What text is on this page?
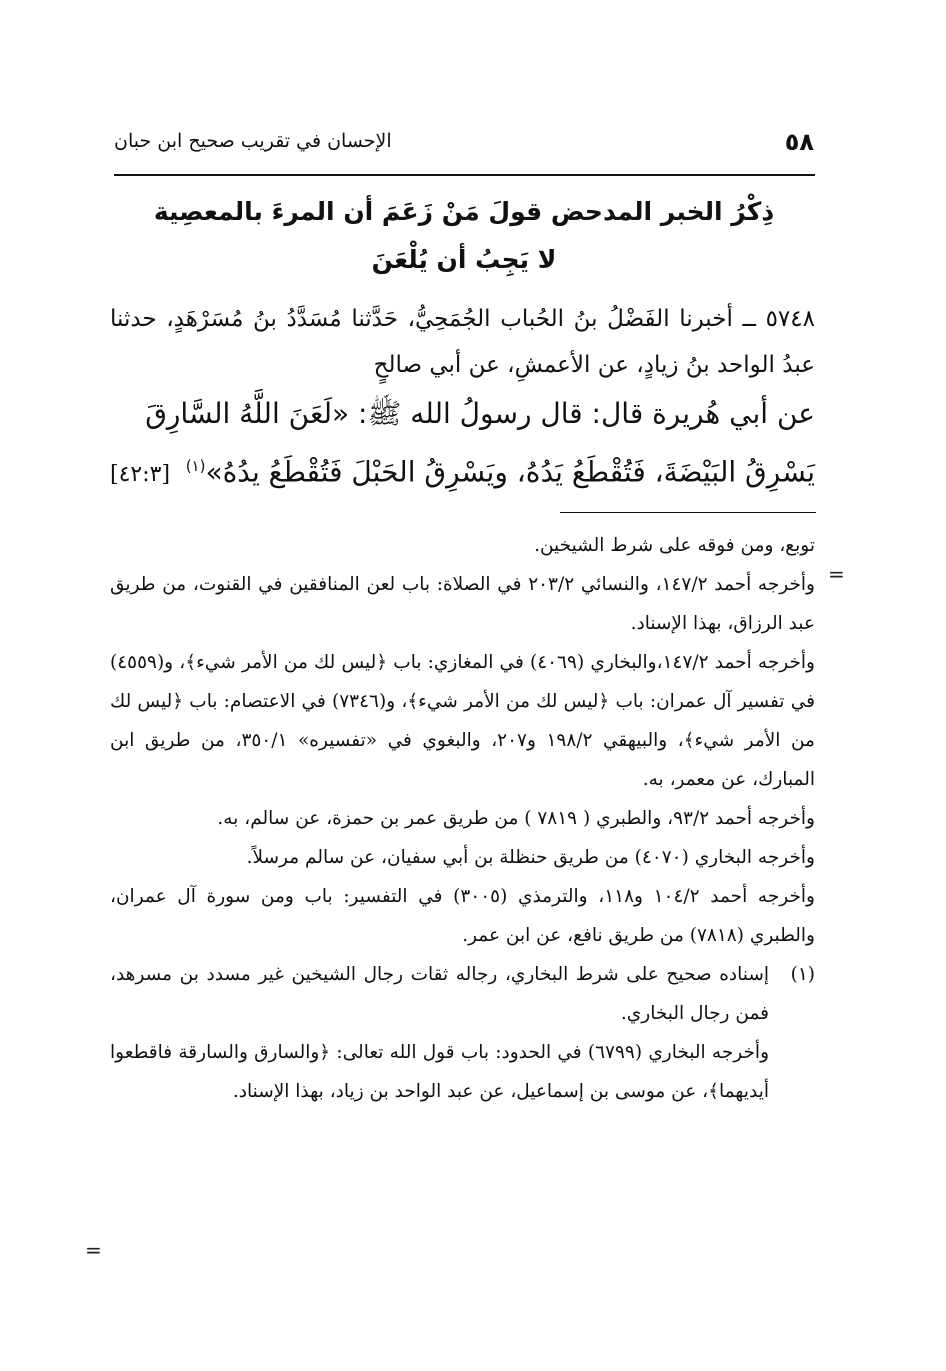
٥٨
الإحسان في تقريب صحيح ابن حبان
ذِكْرُ الخبر المدحض قولَ مَنْ زَعَمَ أن المرءَ بالمعصِية
لا يَجِبُ أن يُلْعَنَ
٥٧٤٨ ــ أخبرنا الفَضْلُ بنُ الحُباب الجُمَحِيُّ، حَدَّثنا مُسَدَّدُ بنُ مُسَرْهَدٍ، حدثنا عبدُ الواحد بنُ زيادٍ، عن الأعمشِ، عن أبي صالحٍ
عن أبي هُريرة قال: قال رسولُ الله ﷺ: «لَعَنَ اللَّهُ السَّارِقَ
يَسْرِقُ البَيْضَةَ، فَتُقْطَعُ يَدُهُ، ويَسْرِقُ الحَبْلَ فَتُقْطَعُ يدُهُ»$^{(١)}$
[٤٢:٣]

توبع، ومن فوقه على شرط الشيخين.

وأخرجه أحمد ١٤٧/٢، والنسائي ٢٠٣/٢ في الصلاة: باب لعن المنافقين في القنوت، من طريق عبد الرزاق، بهذا الإسناد.

وأخرجه أحمد ١٤٧/٢،والبخاري (٤٠٦٩) في المغازي: باب ﴿ليس لك من الأمر شيء﴾، و(٤٥٥٩) في تفسير آل عمران: باب ﴿ليس لك من الأمر شيء﴾، و(٧٣٤٦) في الاعتصام: باب ﴿ليس لك من الأمر شيء﴾، والبيهقي ١٩٨/٢ و٢٠٧، والبغوي في «تفسيره» ٣٥٠/١، من طريق ابن المبارك، عن معمر، به.

وأخرجه أحمد ٩٣/٢، والطبري ( ٧٨١٩ ) من طريق عمر بن حمزة، عن سالم، به.

وأخرجه البخاري (٤٠٧٠) من طريق حنظلة بن أبي سفيان، عن سالم مرسلاً.

وأخرجه أحمد ١٠٤/٢ و١١٨، والترمذي (٣٠٠٥) في التفسير: باب ومن سورة آل عمران، والطبري (٧٨١٨) من طريق نافع، عن ابن عمر.

(١)

إسناده صحيح على شرط البخاري، رجاله ثقات رجال الشيخين غير مسدد بن مسرهد، فمن رجال البخاري.

وأخرجه البخاري (٦٧٩٩) في الحدود: باب قول الله تعالى: ﴿والسارق والسارقة فاقطعوا أيديهما﴾، عن موسى بن إسماعيل، عن عبد الواحد بن زياد، بهذا الإسناد.

=
=
